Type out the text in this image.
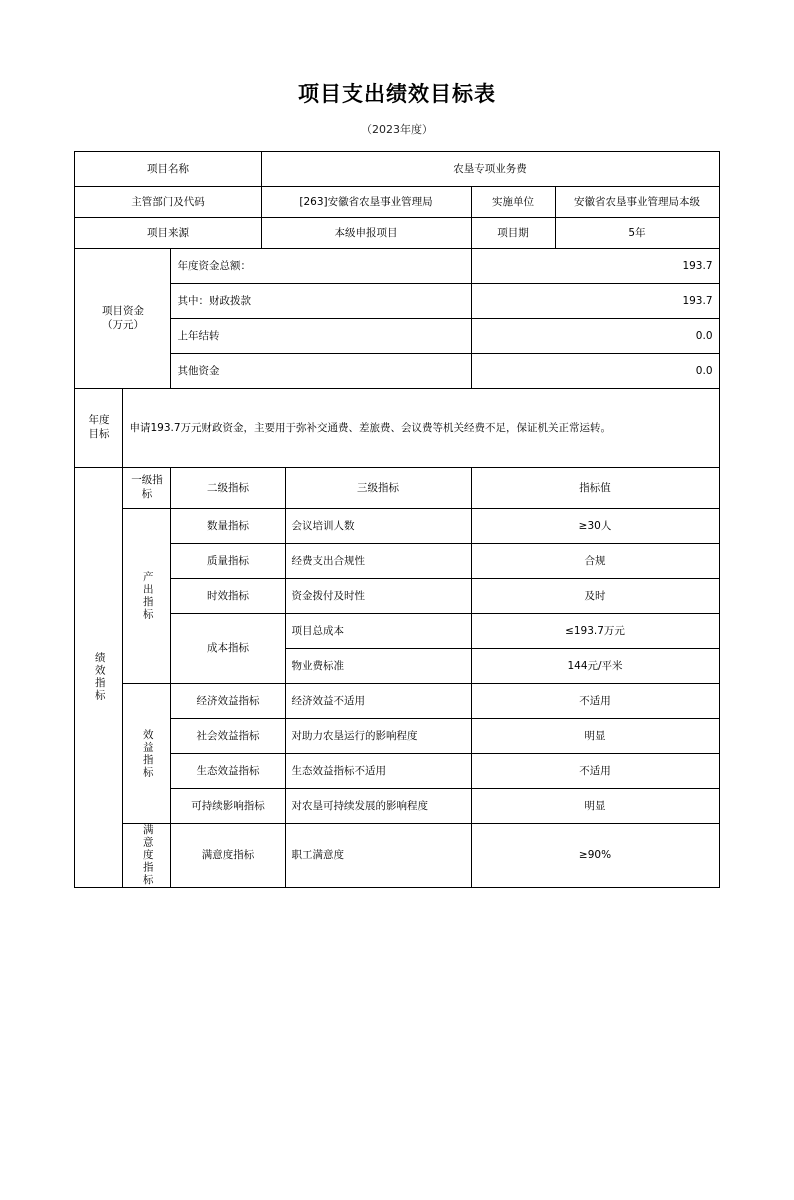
项目支出绩效目标表
（2023年度）
项目名称			农垦专项业务费			
主管部门及代码			[263]安徽省农垦事业管理局		实施单位	安徽省农垦事业管理局本级
项目来源			本级申报项目		项目期	5年

项目资金
（万元）		年度资金总额：			193.7	
		其中：财政拨款			193.7	
		上年结转			0.0	
		其他资金			0.0	

年度
目标	申请193.7万元财政资金，主要用于弥补交通费、差旅费、会议费等机关经费不足，保证机关正常运转。					

绩效指标	一级指标	二级指标		三级指标	指标值	

	产出指标	数量指标		会议培训人数	≥30人	
		质量指标		经费支出合规性	合规	
		时效指标		资金拨付及时性	及时	
		成本指标		项目总成本	≤193.7万元	
				物业费标准	144元/平米	

	效益指标	经济效益指标		经济效益不适用	不适用	
		社会效益指标		对助力农垦运行的影响程度	明显	
		生态效益指标		生态效益指标不适用	不适用	
		可持续影响指标		对农垦可持续发展的影响程度	明显	

	满意度指标	满意度指标		职工满意度	≥90%	
